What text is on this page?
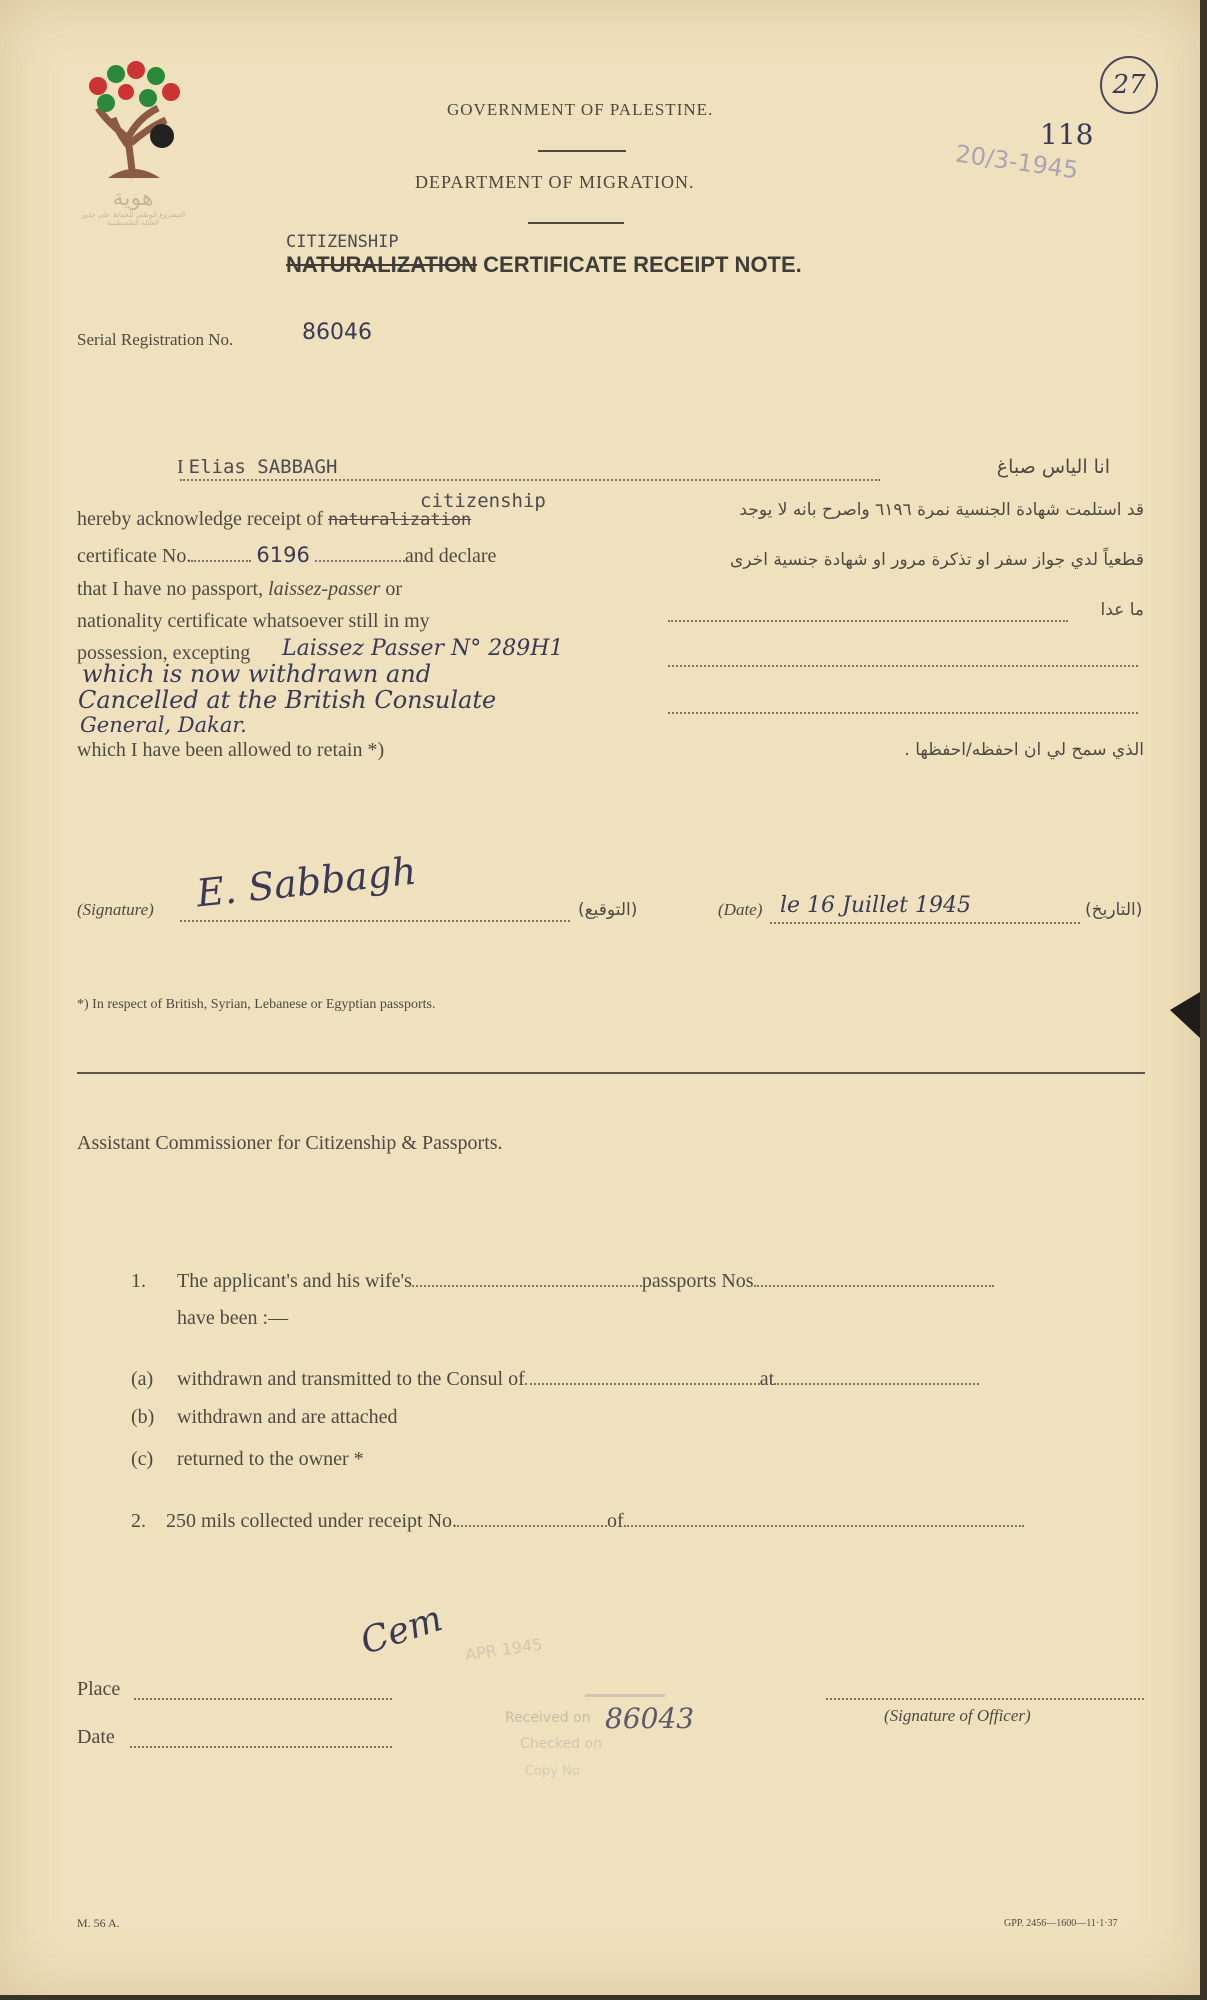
هوية
المشروع الوطني للحفاظ على جذور العائلة الفلسطينية
GOVERNMENT OF PALESTINE.
DEPARTMENT OF MIGRATION.
CITIZENSHIP
NATURALIZATION CERTIFICATE RECEIPT NOTE.
27
118
20/3-1945
Serial Registration No.	86046
I Elias SABBAGH
citizenship
hereby acknowledge receipt of naturalization
certificate No.	6196	and declare
that I have no passport, laissez-passer or
nationality certificate whatsoever still in my
possession, excepting Laissez Passer N° 289H1
which is now withdrawn and
Cancelled at the British Consulate
General, Dakar.
which I have been allowed to retain *)
انا الياس صباغ
قد استلمت شهادة الجنسية نمرة ٦١٩٦ واصرح بانه لا يوجد
قطعياً لدي جواز سفر او تذكرة مرور او شهادة جنسية اخرى
ما عدا
الذي سمح لي ان احفظه/احفظها .
(Signature) E. Sabbagh	(التوقيع)	(Date) le 16 Juillet 1945	(التاريخ)
*) In respect of British, Syrian, Lebanese or Egyptian passports.
Assistant Commissioner for Citizenship & Passports.
1. The applicant's and his wife's	passports Nos
have been :—
(a) withdrawn and transmitted to the Consul of	at
(b) withdrawn and are attached
(c) returned to the owner *
2. 250 mils collected under receipt No.	of
Cem APR 1945
Place
Date
Received on
Checked on
Copy No
86043	(Signature of Officer)
M. 56 A.	GPP. 2456—1600—11·1·37
